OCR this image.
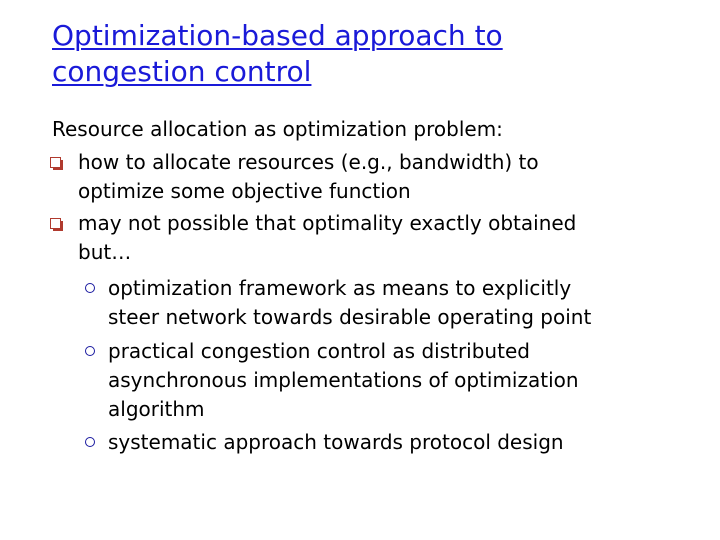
Optimization-based approach to
congestion control

Resource allocation as optimization problem:

how to allocate resources (e.g., bandwidth) to
optimize some objective function
may not possible that optimality exactly obtained
but…
optimization framework as means to explicitly
steer network towards desirable operating point
practical congestion control as distributed
asynchronous implementations of optimization
algorithm
systematic approach towards protocol design
